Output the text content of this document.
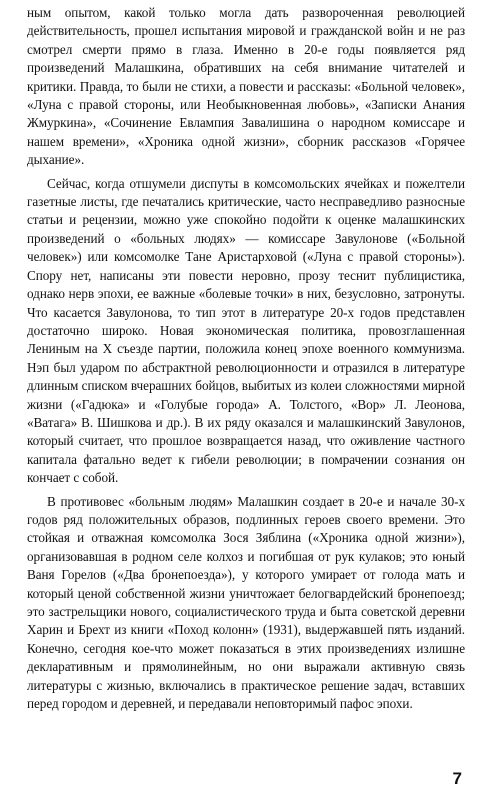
ным опытом, какой только могла дать развороченная революцией действительность, прошел испытания мировой и гражданской войн и не раз смотрел смерти прямо в глаза. Именно в 20-е годы появляется ряд произведений Малашкина, обративших на себя внимание читателей и критики. Правда, то были не стихи, а повести и рассказы: «Больной человек», «Луна с правой стороны, или Необыкновенная любовь», «Записки Анания Жмуркина», «Сочинение Евлампия Завалишина о народном комиссаре и нашем времени», «Хроника одной жизни», сборник рассказов «Горячее дыхание».

Сейчас, когда отшумели диспуты в комсомольских ячейках и пожелтели газетные листы, где печатались критические, часто несправедливо разносные статьи и рецензии, можно уже спокойно подойти к оценке малашкинских произведений о «больных людях» — комиссаре Завулонове («Больной человек») или комсомолке Тане Аристарховой («Луна с правой стороны»). Спору нет, написаны эти повести неровно, прозу теснит публицистика, однако нерв эпохи, ее важные «болевые точки» в них, безусловно, затронуты. Что касается Завулонова, то тип этот в литературе 20-х годов представлен достаточно широко. Новая экономическая политика, провозглашенная Лениным на X съезде партии, положила конец эпохе военного коммунизма. Нэп был ударом по абстрактной революционности и отразился в литературе длинным списком вчерашних бойцов, выбитых из колеи сложностями мирной жизни («Гадюка» и «Голубые города» А. Толстого, «Вор» Л. Леонова, «Ватага» В. Шишкова и др.). В их ряду оказался и малашкинский Завулонов, который считает, что прошлое возвращается назад, что оживление частного капитала фатально ведет к гибели революции; в помрачении сознания он кончает с собой.

В противовес «больным людям» Малашкин создает в 20-е и начале 30-х годов ряд положительных образов, подлинных героев своего времени. Это стойкая и отважная комсомолка Зося Зяблина («Хроника одной жизни»), организовавшая в родном селе колхоз и погибшая от рук кулаков; это юный Ваня Горелов («Два бронепоезда»), у которого умирает от голода мать и который ценой собственной жизни уничтожает белогвардейский бронепоезд; это застрельщики нового, социалистического труда и быта советской деревни Харин и Брехт из книги «Поход колонн» (1931), выдержавшей пять изданий. Конечно, сегодня кое-что может показаться в этих произведениях излишне декларативным и прямолинейным, но они выражали активную связь литературы с жизнью, включались в практическое решение задач, вставших перед городом и деревней, и передавали неповторимый пафос эпохи.

7
